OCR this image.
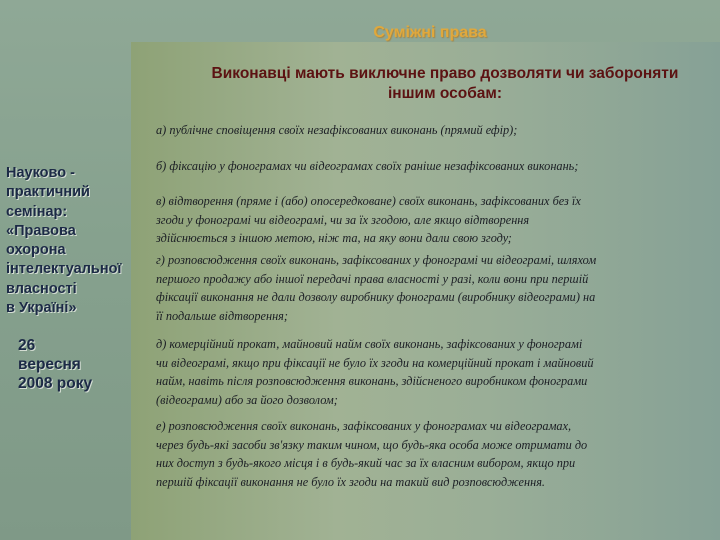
Суміжні права
Виконавці мають виключне право дозволяти чи забороняти іншим особам:
Науково -
практичний
семінар:
«Правова
охорона
інтелектуальної
власності
в Україні»
26
вересня
2008 року
а) публічне сповіщення своїх незафіксованих виконань (прямий ефір);
б) фіксацію у фонограмах чи відеограмах своїх раніше незафіксованих виконань;
в) відтворення (пряме і (або) опосередковане) своїх виконань, зафіксованих без їх
згоди у фонограмі чи відеограмі, чи за їх згодою, але якщо відтворення
здійснюється з іншою метою, ніж та, на яку вони дали свою згоду;
г) розповсюдження своїх виконань, зафіксованих у фонограмі чи відеограмі, шляхом
першого продажу або іншої передачі права власності у разі, коли вони при першій
фіксації виконання не дали дозволу виробнику фонограми (виробнику відеограми) на
її подальше відтворення;
д) комерційний прокат, майновий найм своїх виконань, зафіксованих у фонограмі
чи відеограмі, якщо при фіксації не було їх згоди на комерційний прокат і майновий
найм, навіть після розповсюдження виконань, здійсненого виробником фонограми
(відеограми) або за його дозволом;
е) розповсюдження своїх виконань, зафіксованих у фонограмах чи відеограмах,
через будь-які засоби зв'язку таким чином, що будь-яка особа може отримати до
них доступ з будь-якого місця і в будь-який час за їх власним вибором, якщо при
першій фіксації виконання не було їх згоди на такий вид розповсюдження.
